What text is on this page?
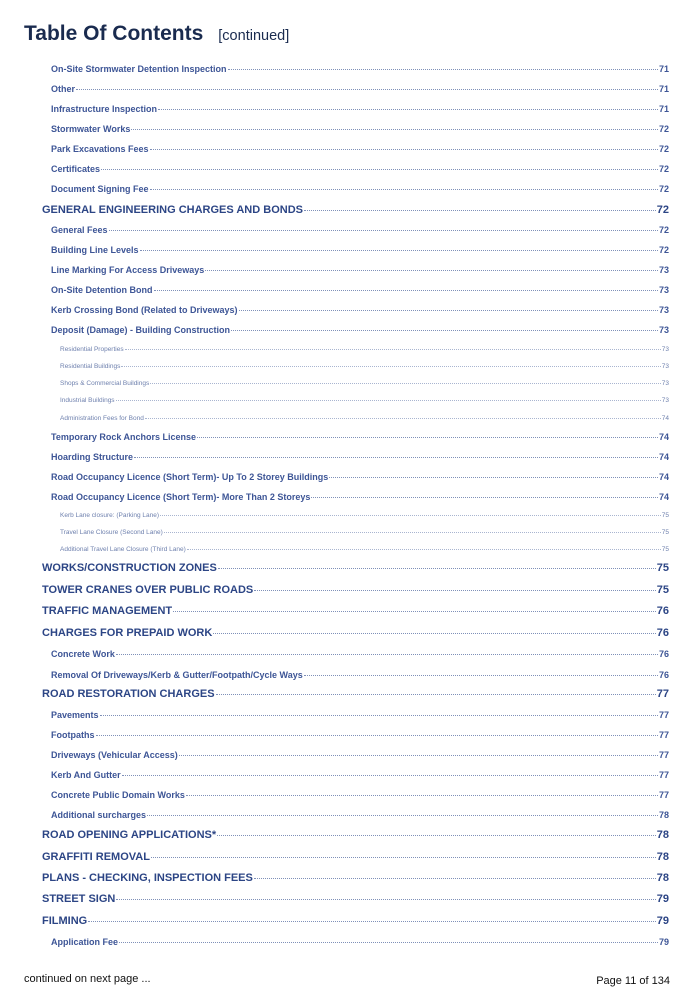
Table Of Contents [continued]
On-Site Stormwater Detention Inspection	71
Other	71
Infrastructure Inspection	71
Stormwater Works	72
Park Excavations Fees	72
Certificates	72
Document Signing Fee	72
GENERAL ENGINEERING CHARGES AND BONDS	72
General Fees	72
Building Line Levels	72
Line Marking For Access Driveways	73
On-Site Detention Bond	73
Kerb Crossing Bond (Related to Driveways)	73
Deposit (Damage) - Building Construction	73
Residential Properties	73
Residential Buildings	73
Shops & Commercial Buildings	73
Industrial Buildings	73
Administration Fees for Bond	74
Temporary Rock Anchors License	74
Hoarding Structure	74
Road Occupancy Licence (Short Term)- Up To 2 Storey Buildings	74
Road Occupancy Licence (Short Term)- More Than 2 Storeys	74
Kerb Lane closure: (Parking Lane)	75
Travel Lane Closure (Second Lane)	75
Additional Travel Lane Closure (Third Lane)	75
WORKS/CONSTRUCTION ZONES	75
TOWER CRANES OVER PUBLIC ROADS	75
TRAFFIC MANAGEMENT	76
CHARGES FOR PREPAID WORK	76
Concrete Work	76
Removal Of Driveways/Kerb & Gutter/Footpath/Cycle Ways	76
ROAD RESTORATION CHARGES	77
Pavements	77
Footpaths	77
Driveways (Vehicular Access)	77
Kerb And Gutter	77
Concrete Public Domain Works	77
Additional surcharges	78
ROAD OPENING APPLICATIONS*	78
GRAFFITI REMOVAL	78
PLANS - CHECKING, INSPECTION FEES	78
STREET SIGN	79
FILMING	79
Application Fee	79
continued on next page ...	Page 11 of 134
